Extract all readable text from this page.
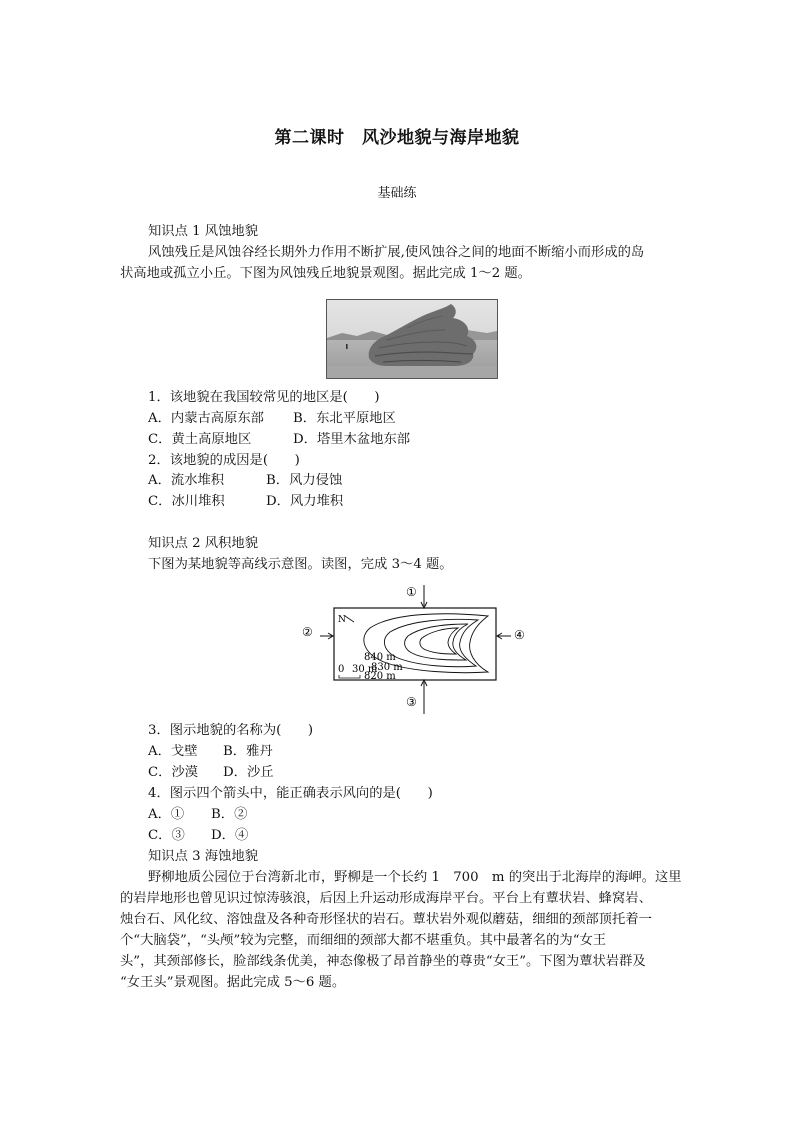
第二课时　风沙地貌与海岸地貌
基础练
知识点 1 风蚀地貌
风蚀残丘是风蚀谷经长期外力作用不断扩展,使风蚀谷之间的地面不断缩小而形成的岛
状高地或孤立小丘。下图为风蚀残丘地貌景观图。据此完成 1～2 题。
1．该地貌在我国较常见的地区是(　　)
A．内蒙古高原东部 B．东北平原地区
C．黄土高原地区	D．塔里木盆地东部
2．该地貌的成因是(　　)
A．流水堆积	B．风力侵蚀
C．冰川堆积	D．风力堆积
知识点 2 风积地貌
下图为某地貌等高线示意图。读图，完成 3～4 题。
①
N
②	④
840 m
830 m
820 m
0 30 m
③
3．图示地貌的名称为(　　)
A．戈壁 B．雅丹
C．沙漠 D．沙丘
4．图示四个箭头中，能正确表示风向的是(　　)
A．① B．②
C．③ D．④
知识点 3 海蚀地貌
野柳地质公园位于台湾新北市，野柳是一个长约 1　700　m 的突出于北海岸的海岬。这里
的岩岸地形也曾见识过惊涛骇浪，后因上升运动形成海岸平台。平台上有蕈状岩、蜂窝岩、
烛台石、风化纹、溶蚀盘及各种奇形怪状的岩石。蕈状岩外观似蘑菇，细细的颈部顶托着一
个“大脑袋”，“头颅”较为完整，而细细的颈部大都不堪重负。其中最著名的为“女王
头”，其颈部修长，脸部线条优美，神态像极了昂首静坐的尊贵“女王”。下图为蕈状岩群及
“女王头”景观图。据此完成 5～6 题。
